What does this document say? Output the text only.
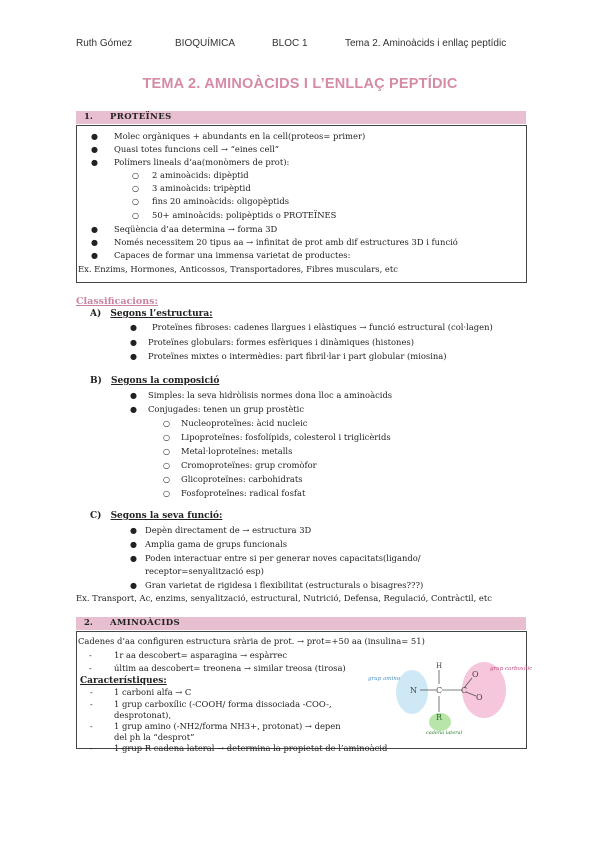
Ruth Gómez	BIOQUÍMICA	BLOC 1	Tema 2. Aminoàcids i enllaç peptídic
TEMA 2. AMINOÀCIDS I L’ENLLAÇ PEPTÍDIC
1. PROTEÏNES
● Molec orgàniques + abundants en la cell(proteos= primer)
● Quasi totes funcions cell → “eines cell”
● Polímers lineals d’aa(monòmers de prot):
○ 2 aminoàcids: dipèptid
○ 3 aminoàcids: tripèptid
○ fins 20 aminoàcids: oligopèptids
○ 50+ aminoàcids: polipèptids o PROTEÏNES
● Seqüència d’aa determina → forma 3D
● Només necessitem 20 tipus aa → infinitat de prot amb dif estructures 3D i funció
● Capaces de formar una immensa varietat de productes:
Ex. Enzims, Hormones, Anticossos, Transportadores, Fibres musculars, etc
Classificacions:
A) Segons l’estructura:
● Proteïnes fibroses: cadenes llargues i elàstiques → funció estructural (col·lagen)
● Proteïnes globulars: formes esfèriques i dinàmiques (histones)
● Proteïnes mixtes o intermèdies: part fibril·lar i part globular (miosina)
B) Segons la composició
● Simples: la seva hidròlisis normes dona lloc a aminoàcids
● Conjugades: tenen un grup prostètic
○ Nucleoproteïnes: àcid nucleic
○ Lipoproteïnes: fosfolípids, colesterol i triglicèrids
○ Metal·loproteïnes: metalls
○ Cromoproteïnes: grup cromòfor
○ Glicoproteïnes: carbohidrats
○ Fosfoproteïnes: radical fosfat
C) Segons la seva funció:
● Depèn directament de → estructura 3D
● Amplia gama de grups funcionals
● Poden interactuar entre si per generar noves capacitats(ligando/
receptor=senyalització esp)
● Gran varietat de rigidesa i flexibilitat (estructurals o bisagres???)
Ex. Transport, Ac, enzims, senyalització, estructural, Nutrició, Defensa, Regulació, Contràctil, etc
2. AMINOÀCIDS
Cadenes d’aa configuren estructura ѕrària de prot. → prot=+50 aa (insulina= 51)
-	1r aa descobert= asparagina → espàrrec
-	últim aa descobert= treonena → similar treosa (tirosa)
-	1 carboni alfa → C
-	1 grup carboxílic (-COOH/ forma dissociada -COO-,
desprotonat),
-	1 grup amino (-NH2/forma NH3+, protonat) → depen
del ph la “desprot”
-	1 grup R cadena lateral → determina la propietat de l’aminoàcid
Característiques:
N
H
C C
O
O
R
grup amino
grup carboxílic
cadena lateral
